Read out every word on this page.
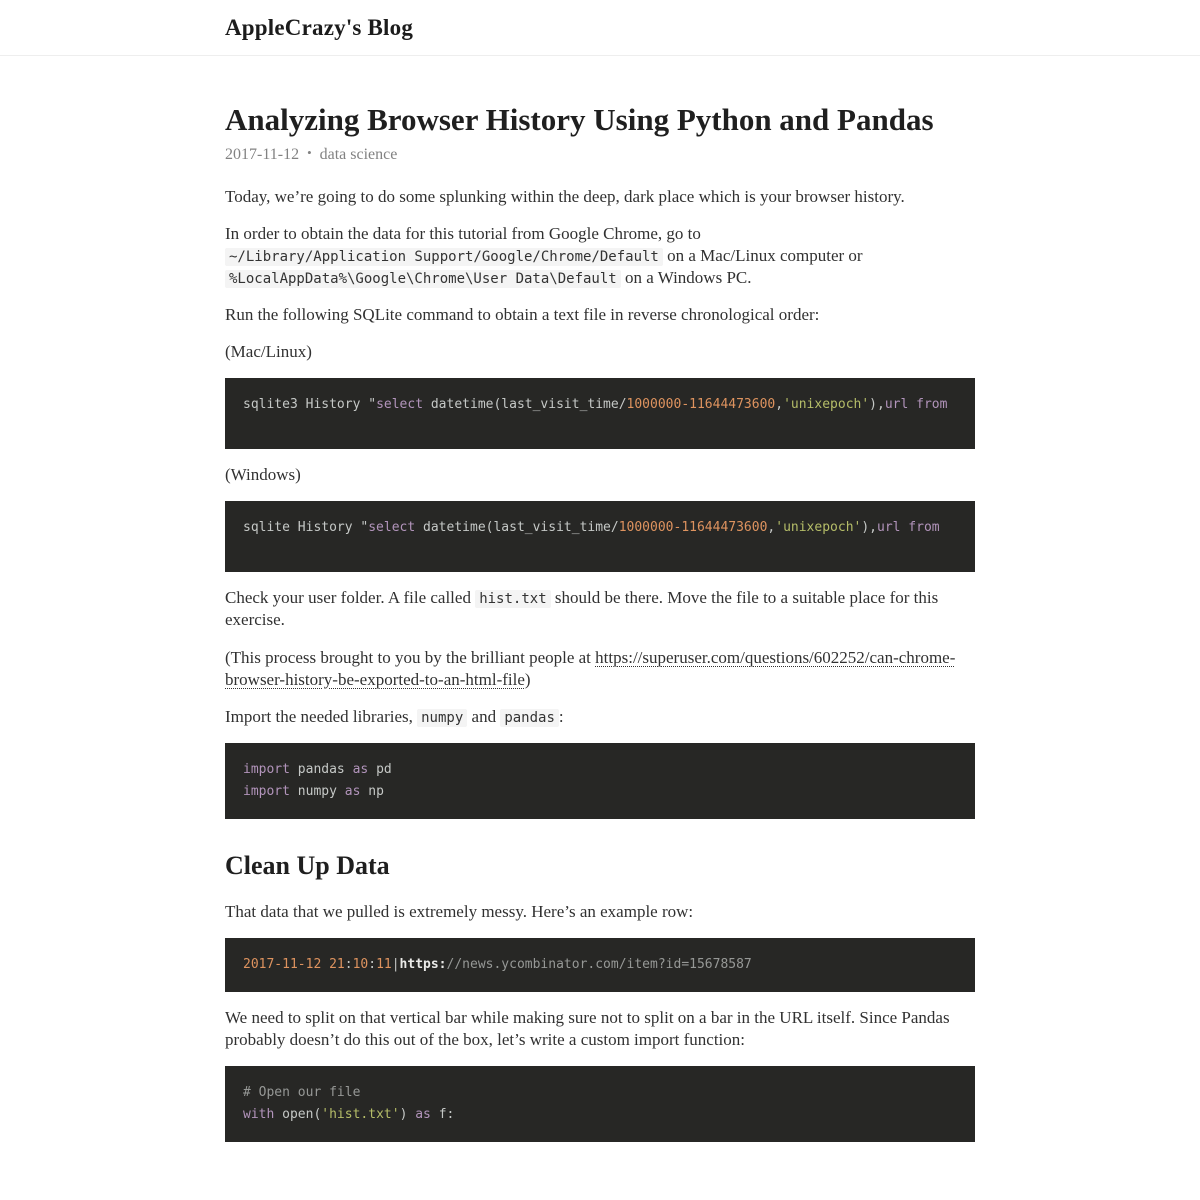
AppleCrazy's Blog
Analyzing Browser History Using Python and Pandas

2017-11-12 • data science

Today, we’re going to do some splunking within the deep, dark place which is your browser history.

In order to obtain the data for this tutorial from Google Chrome, go to ~/Library/Application Support/Google/Chrome/Default on a Mac/Linux computer or %LocalAppData%\Google\Chrome\User Data\Default on a Windows PC.

Run the following SQLite command to obtain a text file in reverse chronological order:

(Mac/Linux)

sqlite3 History "select datetime(last_visit_time/1000000-11644473600,'unixepoch'),url from

(Windows)

sqlite History "select datetime(last_visit_time/1000000-11644473600,'unixepoch'),url from

Check your user folder. A file called hist.txt should be there. Move the file to a suitable place for this exercise.

(This process brought to you by the brilliant people at https://superuser.com/questions/602252/can-chrome-browser-history-be-exported-to-an-html-file)

Import the needed libraries, numpy and pandas :

import pandas as pd
import numpy as np
Clean Up Data

That data that we pulled is extremely messy. Here’s an example row:

2017-11-12 21:10:11|https://news.ycombinator.com/item?id=15678587

We need to split on that vertical bar while making sure not to split on a bar in the URL itself. Since Pandas probably doesn’t do this out of the box, let’s write a custom import function:

# Open our file
with open('hist.txt') as f:
